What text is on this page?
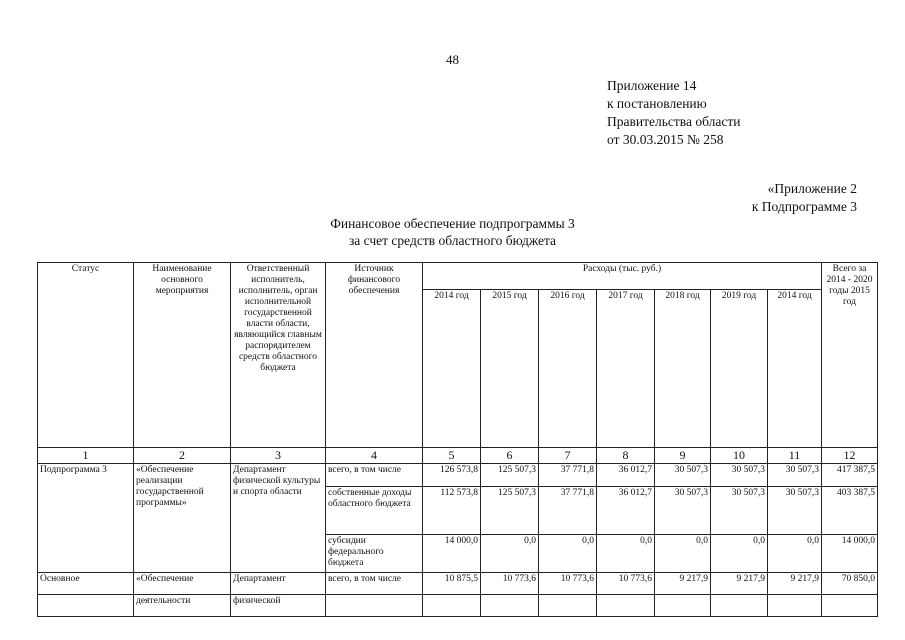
48
Приложение 14
к постановлению
Правительства области
от 30.03.2015 № 258
«Приложение 2
к Подпрограмме 3
Финансовое обеспечение подпрограммы 3
за счет средств областного бюджета
Статус	Наименование основного мероприятия	Ответственный исполнитель, исполнитель, орган исполнительной государственной власти области, являющийся главным распорядителем средств областного бюджета	Источник финансового обеспечения	Расходы (тыс. руб.)							Всего за 2014 - 2020 годы 2015 год
				2014 год	2015 год	2016 год	2017 год	2018 год	2019 год	2014 год	
1	2	3	4	5	6	7	8	9	10	11	12
Подпрограмма 3	«Обеспечение реализации государственной программы»	Департамент физической культуры и спорта области	всего, в том числе	126 573,8	125 507,3	37 771,8	36 012,7	30 507,3	30 507,3	30 507,3	417 387,5
			собственные доходы областного бюджета	112 573,8	125 507,3	37 771,8	36 012,7	30 507,3	30 507,3	30 507,3	403 387,5
			субсидии федерального бюджета	14 000,0	0,0	0,0	0,0	0,0	0,0	0,0	14 000,0
Основное	«Обеспечение	Департамент	всего, в том числе	10 875,5	10 773,6	10 773,6	10 773,6	9 217,9	9 217,9	9 217,9	70 850,0
	деятельности	физической									
